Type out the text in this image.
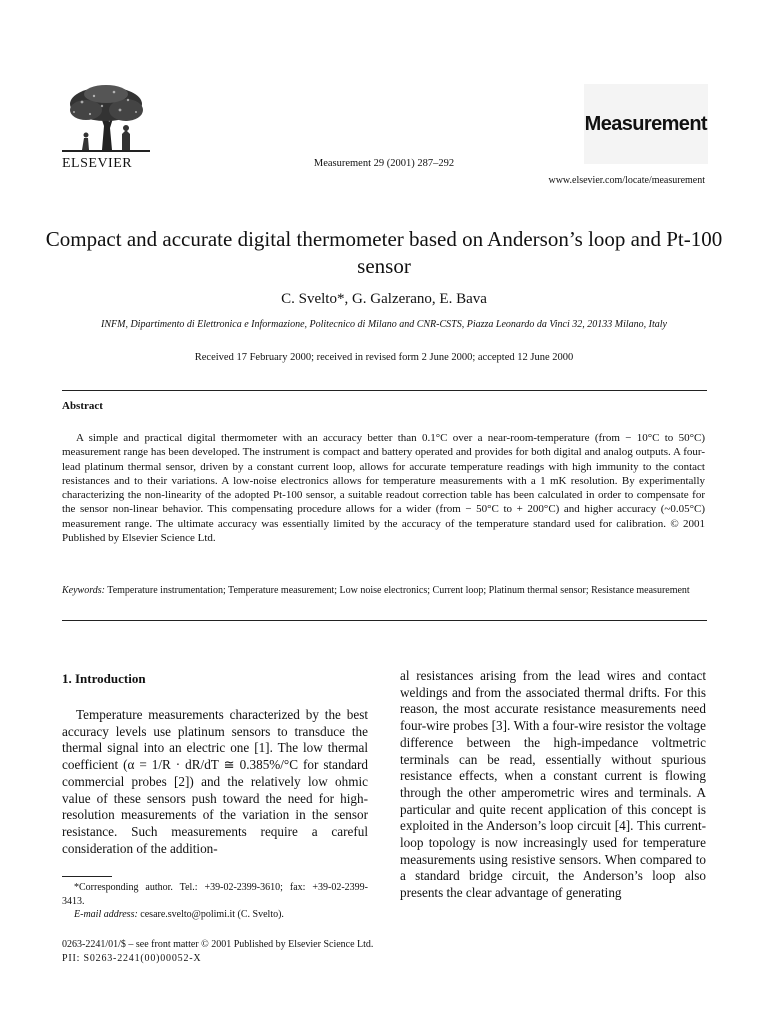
ELSEVIER	Measurement 29 (2001) 287–292
Measurement
www.elsevier.com/locate/measurement
Compact and accurate digital thermometer based on Anderson’s loop and Pt-100 sensor
C. Svelto*, G. Galzerano, E. Bava
INFM, Dipartimento di Elettronica e Informazione, Politecnico di Milano and CNR-CSTS, Piazza Leonardo da Vinci 32, 20133 Milano, Italy
Received 17 February 2000; received in revised form 2 June 2000; accepted 12 June 2000
Abstract

A simple and practical digital thermometer with an accuracy better than 0.1°C over a near-room-temperature (from − 10°C to 50°C) measurement range has been developed. The instrument is compact and battery operated and provides for both digital and analog outputs. A four-lead platinum thermal sensor, driven by a constant current loop, allows for accurate temperature readings with high immunity to the contact resistances and to their variations. A low-noise electronics allows for temperature measurements with a 1 mK resolution. By experimentally characterizing the non-linearity of the adopted Pt-100 sensor, a suitable readout correction table has been calculated in order to compensate for the sensor non-linear behavior. This compensating procedure allows for a wider (from − 50°C to + 200°C) and higher accuracy (~0.05°C) measurement range. The ultimate accuracy was essentially limited by the accuracy of the temperature standard used for calibration. © 2001 Published by Elsevier Science Ltd.

Keywords: Temperature instrumentation; Temperature measurement; Low noise electronics; Current loop; Platinum thermal sensor; Resistance measurement

1. Introduction

Temperature measurements characterized by the best accuracy levels use platinum sensors to transduce the thermal signal into an electric one [1]. The low thermal coefficient (α = 1/R · dR/dT ≅ 0.385%/°C for standard commercial probes [2]) and the relatively low ohmic value of these sensors push toward the need for high-resolution measurements of the variation in the sensor resistance. Such measurements require a careful consideration of the addition-

al resistances arising from the lead wires and contact weldings and from the associated thermal drifts. For this reason, the most accurate resistance measurements need four-wire probes [3]. With a four-wire resistor the voltage difference between the high-impedance voltmetric terminals can be read, essentially without spurious resistance effects, when a constant current is flowing through the other amperometric wires and terminals. A particular and quite recent application of this concept is exploited in the Anderson’s loop circuit [4]. This current-loop topology is now increasingly used for temperature measurements using resistive sensors. When compared to a standard bridge circuit, the Anderson’s loop also presents the clear advantage of generating

*Corresponding author. Tel.: +39-02-2399-3610; fax: +39-02-2399-3413.
E-mail address: cesare.svelto@polimi.it (C. Svelto).
0263-2241/01/$ – see front matter © 2001 Published by Elsevier Science Ltd.
PII: S0263-2241(00)00052-X
